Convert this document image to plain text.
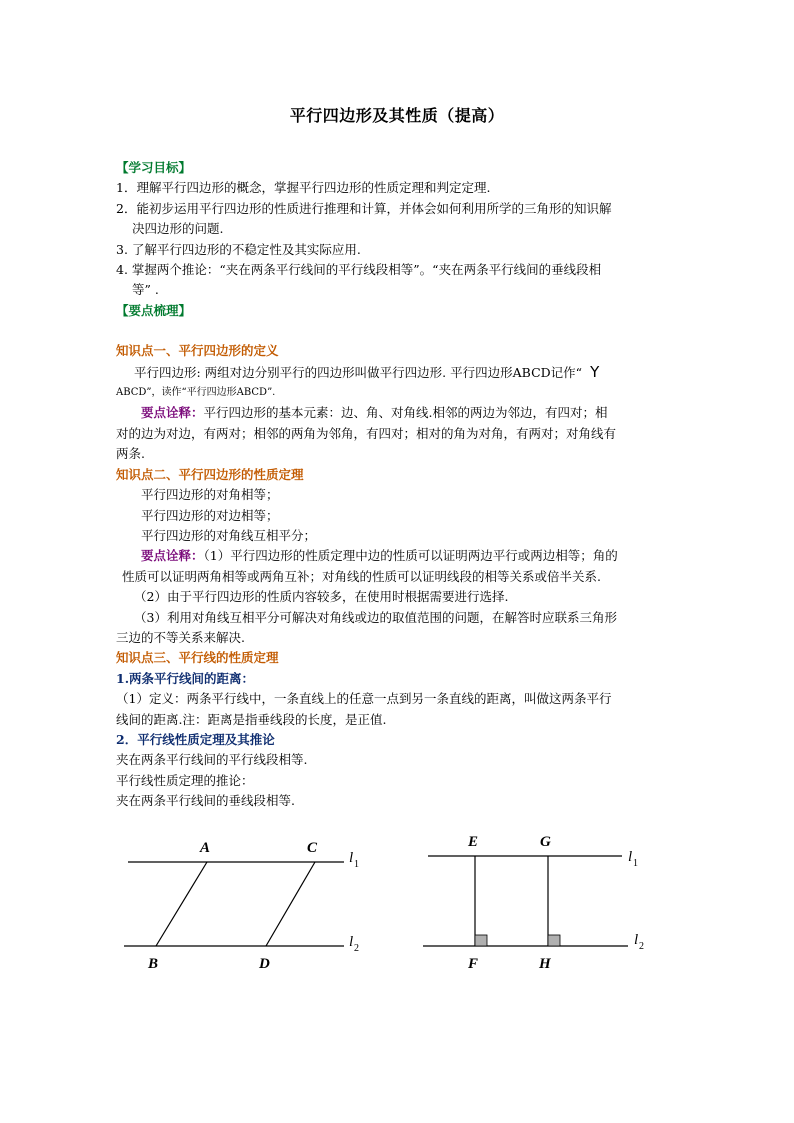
平行四边形及其性质（提高）
【学习目标】
1．理解平行四边形的概念，掌握平行四边形的性质定理和判定定理.
2．能初步运用平行四边形的性质进行推理和计算，并体会如何利用所学的三角形的知识解
决四边形的问题.
3. 了解平行四边形的不稳定性及其实际应用.
4. 掌握两个推论：“夹在两条平行线间的平行线段相等”。“夹在两条平行线间的垂线段相
等” .
【要点梳理】
知识点一、平行四边形的定义
平行四边形: 两组对边分别平行的四边形叫做平行四边形. 平行四边形ABCD记作“ Y
ABCD”，读作“平行四边形ABCD”.
要点诠释：平行四边形的基本元素：边、角、对角线.相邻的两边为邻边，有四对；相
对的边为对边，有两对；相邻的两角为邻角，有四对；相对的角为对角，有两对；对角线有
两条.
知识点二、平行四边形的性质定理
平行四边形的对角相等；
平行四边形的对边相等；
平行四边形的对角线互相平分；
要点诠释：（1）平行四边形的性质定理中边的性质可以证明两边平行或两边相等；角的
性质可以证明两角相等或两角互补；对角线的性质可以证明线段的相等关系或倍半关系.
（2）由于平行四边形的性质内容较多，在使用时根据需要进行选择.
（3）利用对角线互相平分可解决对角线或边的取值范围的问题，在解答时应联系三角形
三边的不等关系来解决.
知识点三、平行线的性质定理
1.两条平行线间的距离：
（1）定义：两条平行线中，一条直线上的任意一点到另一条直线的距离，叫做这两条平行
线间的距离.注：距离是指垂线段的长度，是正值.
2．平行线性质定理及其推论
夹在两条平行线间的平行线段相等.
平行线性质定理的推论：
夹在两条平行线间的垂线段相等.
A	C
B	D
l 1
l 2
E	G
F	H
l 1
l 2
